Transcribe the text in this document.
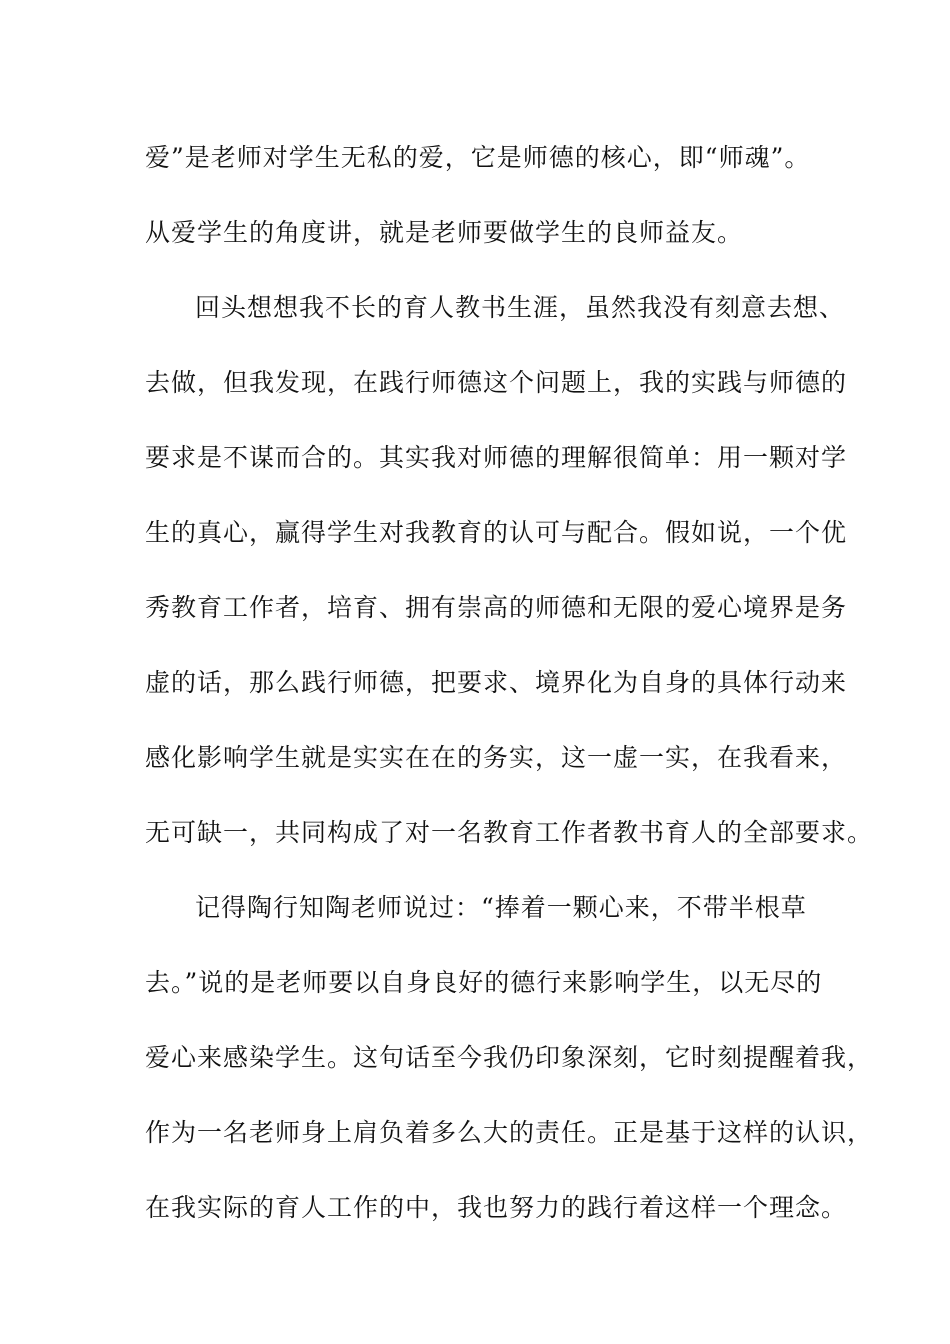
爱”是老师对学生无私的爱，它是师德的核心，即“师魂”。
从爱学生的角度讲，就是老师要做学生的良师益友。
回头想想我不长的育人教书生涯，虽然我没有刻意去想、
去做，但我发现，在践行师德这个问题上，我的实践与师德的
要求是不谋而合的。其实我对师德的理解很简单：用一颗对学
生的真心，赢得学生对我教育的认可与配合。假如说，一个优
秀教育工作者，培育、拥有崇高的师德和无限的爱心境界是务
虚的话，那么践行师德，把要求、境界化为自身的具体行动来
感化影响学生就是实实在在的务实，这一虚一实，在我看来，
无可缺一，共同构成了对一名教育工作者教书育人的全部要求。
记得陶行知陶老师说过：“捧着一颗心来，不带半根草
去。”说的是老师要以自身良好的德行来影响学生，以无尽的
爱心来感染学生。这句话至今我仍印象深刻，它时刻提醒着我，
作为一名老师身上肩负着多么大的责任。正是基于这样的认识，
在我实际的育人工作的中，我也努力的践行着这样一个理念。
